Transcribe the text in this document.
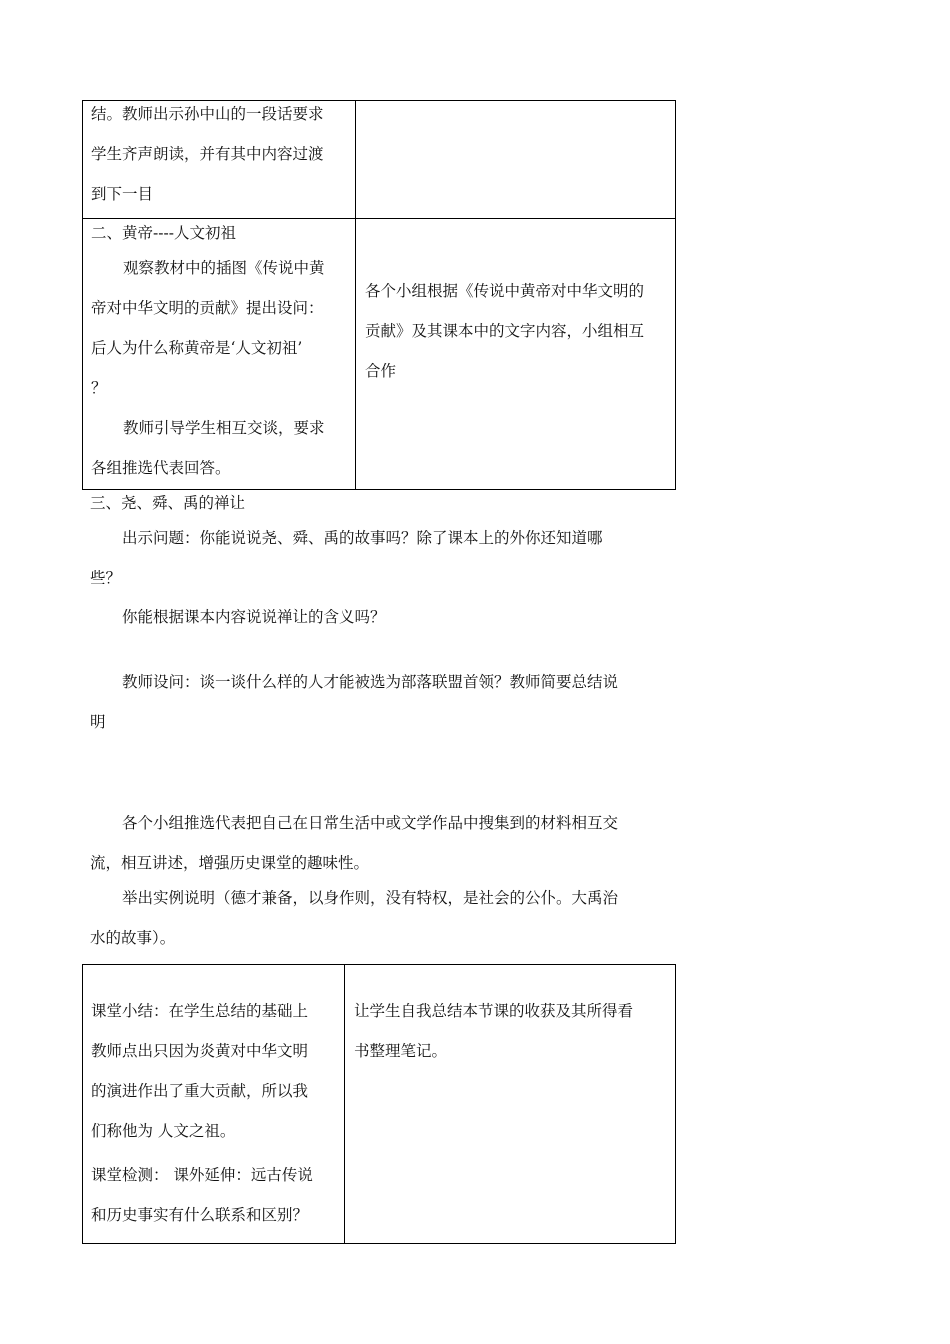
结。教师出示孙中山的一段话要求
学生齐声朗读，并有其中内容过渡
到下一目
二、黄帝----人文初祖
观察教材中的插图《传说中黄
帝对中华文明的贡献》提出设问：
后人为什么称黄帝是‘人文初祖’
？
教师引导学生相互交谈，要求
各组推选代表回答。
各个小组根据《传说中黄帝对中华文明的
贡献》及其课本中的文字内容，小组相互
合作
三、尧、舜、禹的禅让
出示问题：你能说说尧、舜、禹的故事吗？除了课本上的外你还知道哪
些？
你能根据课本内容说说禅让的含义吗？
教师设问：谈一谈什么样的人才能被选为部落联盟首领？教师简要总结说
明
各个小组推选代表把自己在日常生活中或文学作品中搜集到的材料相互交
流，相互讲述，增强历史课堂的趣味性。
举出实例说明（德才兼备，以身作则，没有特权，是社会的公仆。大禹治
水的故事）。
课堂小结：在学生总结的基础上
教师点出只因为炎黄对中华文明
的演进作出了重大贡献，所以我
们称他为 人文之祖。
课堂检测： 课外延伸：远古传说
和历史事实有什么联系和区别？
让学生自我总结本节课的收获及其所得看
书整理笔记。
